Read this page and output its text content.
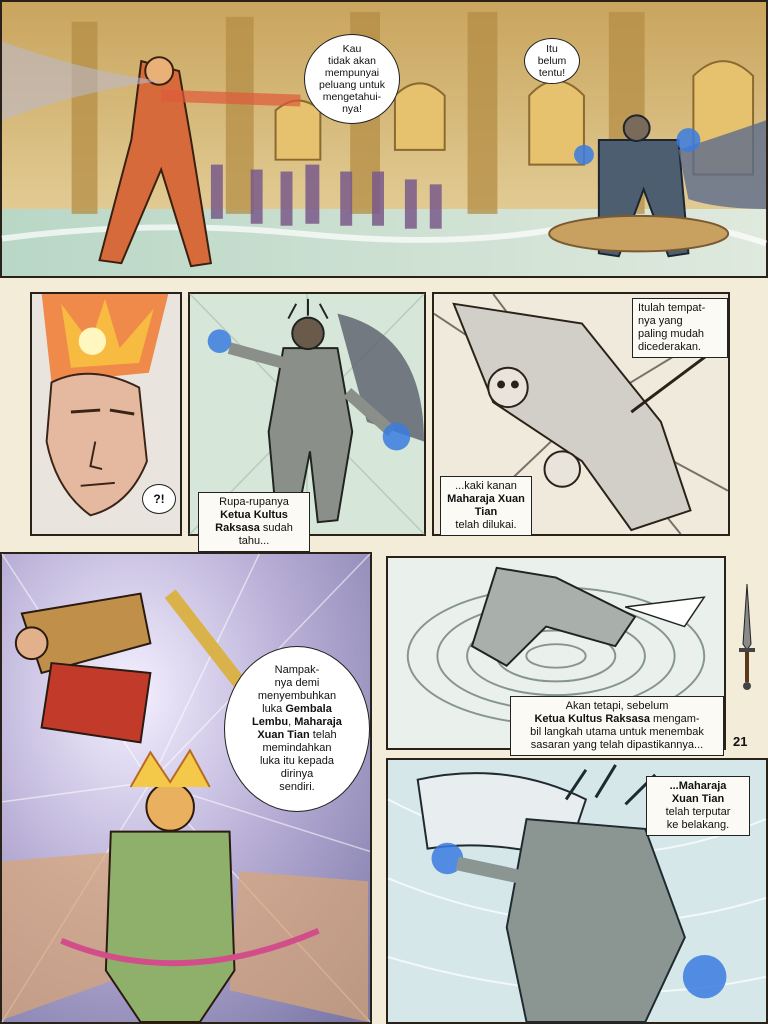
Kau
tidak akan
mempunyai
peluang untuk
mengetahui-
nya!
Itu
belum
tentu!
?!	Rupa-rupanya Ketua Kultus Raksasa sudah tahu...
Itulah tempat-
nya yang
paling mudah
dicederakan.
...kaki kanan
Maharaja Xuan Tian
telah dilukai.
Nampak-
nya demi
menyembuhkan
luka Gembala
Lembu, Maharaja
Xuan Tian telah
memindahkan
luka itu kepada
dirinya
sendiri.
Akan tetapi, sebelum
Ketua Kultus Raksasa mengam-
bil langkah utama untuk menembak
sasaran yang telah dipastikannya...	21
...Maharaja
Xuan Tian
telah terputar
ke belakang.
